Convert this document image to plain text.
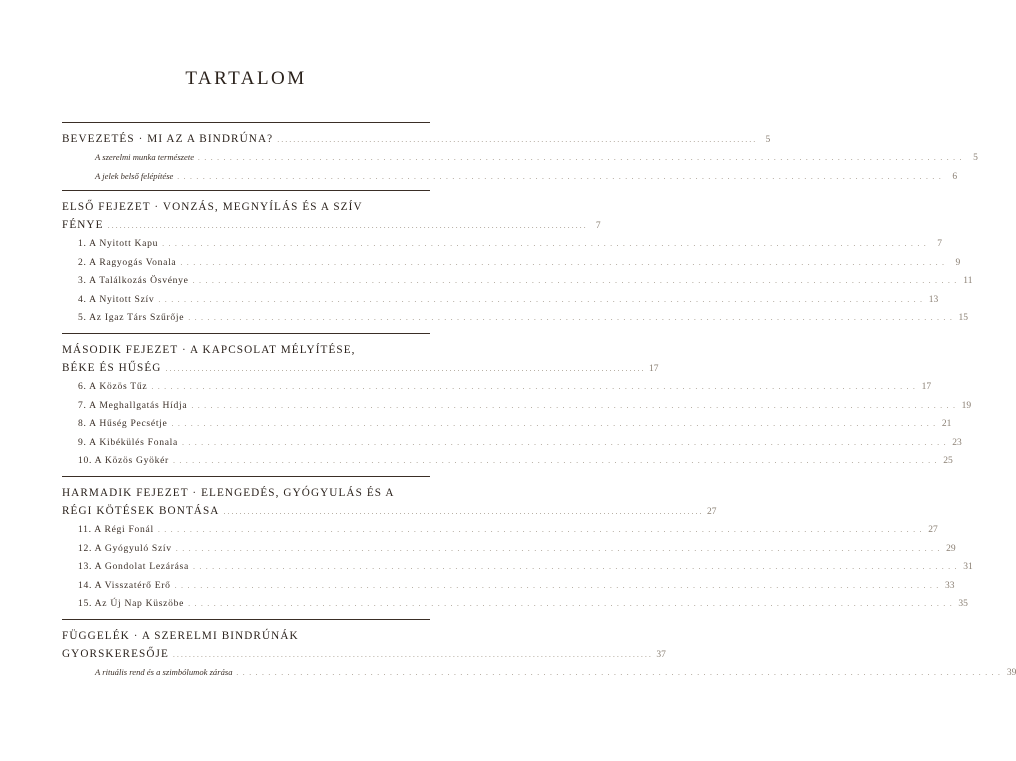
TARTALOM
BEVEZETÉS · MI AZ A BINDRÚNA? . . . . . . . . . . . . . . . . . . . . . . . . . . . . . . . . . . . . . . . . . . . . . . . . . . . . . . . . . . . . . . . . . . . . . . . . . . . . . . . . . . . . . . . . . . . . . . . . . . . . . . . . . . . . . . . . . . . . . . . .	5
A szerelmi munka természete . . . . . . . . . . . . . . . . . . . . . . . . . . . . . . . . . . . . . . . . . . . . . . . . . . . . . . . . . . . . . . . . . . . . . . . . . . . . . . . . . . . . . . . . . . . . . . . . . . . . . . . . . . . . . . . . . . . . . . . .	5
A jelek belső felépítése . . . . . . . . . . . . . . . . . . . . . . . . . . . . . . . . . . . . . . . . . . . . . . . . . . . . . . . . . . . . . . . . . . . . . . . . . . . . . . . . . . . . . . . . . . . . . . . . . . . . . . . . . . . . . . . . . . . . . . . .	6
ELSŐ FEJEZET · VONZÁS, MEGNYÍLÁS ÉS A SZÍV
FÉNYE . . . . . . . . . . . . . . . . . . . . . . . . . . . . . . . . . . . . . . . . . . . . . . . . . . . . . . . . . . . . . . . . . . . . . . . . . . . . . . . . . . . . . . . . . . . . . . . . . . . . . . . . . . . . . . . . . . . . . . . .	7
1. A Nyitott Kapu . . . . . . . . . . . . . . . . . . . . . . . . . . . . . . . . . . . . . . . . . . . . . . . . . . . . . . . . . . . . . . . . . . . . . . . . . . . . . . . . . . . . . . . . . . . . . . . . . . . . . . . . . . . . . . . . . . . . . . . .	7
2. A Ragyogás Vonala . . . . . . . . . . . . . . . . . . . . . . . . . . . . . . . . . . . . . . . . . . . . . . . . . . . . . . . . . . . . . . . . . . . . . . . . . . . . . . . . . . . . . . . . . . . . . . . . . . . . . . . . . . . . . . . . . . . . . . . .	9
3. A Találkozás Ösvénye . . . . . . . . . . . . . . . . . . . . . . . . . . . . . . . . . . . . . . . . . . . . . . . . . . . . . . . . . . . . . . . . . . . . . . . . . . . . . . . . . . . . . . . . . . . . . . . . . . . . . . . . . . . . . . . . . . . . . . . . 11
4. A Nyitott Szív . . . . . . . . . . . . . . . . . . . . . . . . . . . . . . . . . . . . . . . . . . . . . . . . . . . . . . . . . . . . . . . . . . . . . . . . . . . . . . . . . . . . . . . . . . . . . . . . . . . . . . . . . . . . . . . . . . . . . . . . 13
5. Az Igaz Társ Szűrője . . . . . . . . . . . . . . . . . . . . . . . . . . . . . . . . . . . . . . . . . . . . . . . . . . . . . . . . . . . . . . . . . . . . . . . . . . . . . . . . . . . . . . . . . . . . . . . . . . . . . . . . . . . . . . . . . . . . . . . . 15
MÁSODIK FEJEZET · A KAPCSOLAT MÉLYÍTÉSE,
BÉKE ÉS HŰSÉG . . . . . . . . . . . . . . . . . . . . . . . . . . . . . . . . . . . . . . . . . . . . . . . . . . . . . . . . . . . . . . . . . . . . . . . . . . . . . . . . . . . . . . . . . . . . . . . . . . . . . . . . . . . . . . . . . . . . . . . . 17
6. A Közös Tűz . . . . . . . . . . . . . . . . . . . . . . . . . . . . . . . . . . . . . . . . . . . . . . . . . . . . . . . . . . . . . . . . . . . . . . . . . . . . . . . . . . . . . . . . . . . . . . . . . . . . . . . . . . . . . . . . . . . . . . . . 17
7. A Meghallgatás Hídja . . . . . . . . . . . . . . . . . . . . . . . . . . . . . . . . . . . . . . . . . . . . . . . . . . . . . . . . . . . . . . . . . . . . . . . . . . . . . . . . . . . . . . . . . . . . . . . . . . . . . . . . . . . . . . . . . . . . . . . . 19
8. A Hűség Pecsétje . . . . . . . . . . . . . . . . . . . . . . . . . . . . . . . . . . . . . . . . . . . . . . . . . . . . . . . . . . . . . . . . . . . . . . . . . . . . . . . . . . . . . . . . . . . . . . . . . . . . . . . . . . . . . . . . . . . . . . . . 21
9. A Kibékülés Fonala . . . . . . . . . . . . . . . . . . . . . . . . . . . . . . . . . . . . . . . . . . . . . . . . . . . . . . . . . . . . . . . . . . . . . . . . . . . . . . . . . . . . . . . . . . . . . . . . . . . . . . . . . . . . . . . . . . . . . . . . 23
10. A Közös Gyökér . . . . . . . . . . . . . . . . . . . . . . . . . . . . . . . . . . . . . . . . . . . . . . . . . . . . . . . . . . . . . . . . . . . . . . . . . . . . . . . . . . . . . . . . . . . . . . . . . . . . . . . . . . . . . . . . . . . . . . . . 25
HARMADIK FEJEZET · ELENGEDÉS, GYÓGYULÁS ÉS A
RÉGI KÖTÉSEK BONTÁSA . . . . . . . . . . . . . . . . . . . . . . . . . . . . . . . . . . . . . . . . . . . . . . . . . . . . . . . . . . . . . . . . . . . . . . . . . . . . . . . . . . . . . . . . . . . . . . . . . . . . . . . . . . . . . . . . . . . . . . . . 27
11. A Régi Fonál . . . . . . . . . . . . . . . . . . . . . . . . . . . . . . . . . . . . . . . . . . . . . . . . . . . . . . . . . . . . . . . . . . . . . . . . . . . . . . . . . . . . . . . . . . . . . . . . . . . . . . . . . . . . . . . . . . . . . . . . 27
12. A Gyógyuló Szív . . . . . . . . . . . . . . . . . . . . . . . . . . . . . . . . . . . . . . . . . . . . . . . . . . . . . . . . . . . . . . . . . . . . . . . . . . . . . . . . . . . . . . . . . . . . . . . . . . . . . . . . . . . . . . . . . . . . . . . . 29
13. A Gondolat Lezárása . . . . . . . . . . . . . . . . . . . . . . . . . . . . . . . . . . . . . . . . . . . . . . . . . . . . . . . . . . . . . . . . . . . . . . . . . . . . . . . . . . . . . . . . . . . . . . . . . . . . . . . . . . . . . . . . . . . . . . . . 31
14. A Visszatérő Erő . . . . . . . . . . . . . . . . . . . . . . . . . . . . . . . . . . . . . . . . . . . . . . . . . . . . . . . . . . . . . . . . . . . . . . . . . . . . . . . . . . . . . . . . . . . . . . . . . . . . . . . . . . . . . . . . . . . . . . . . 33
15. Az Új Nap Küszöbe . . . . . . . . . . . . . . . . . . . . . . . . . . . . . . . . . . . . . . . . . . . . . . . . . . . . . . . . . . . . . . . . . . . . . . . . . . . . . . . . . . . . . . . . . . . . . . . . . . . . . . . . . . . . . . . . . . . . . . . . 35
FÜGGELÉK · A SZERELMI BINDRÚNÁK
GYORSKERESŐJE . . . . . . . . . . . . . . . . . . . . . . . . . . . . . . . . . . . . . . . . . . . . . . . . . . . . . . . . . . . . . . . . . . . . . . . . . . . . . . . . . . . . . . . . . . . . . . . . . . . . . . . . . . . . . . . . . . . . . . . . 37
A rituális rend és a szimbólumok zárása . . . . . . . . . . . . . . . . . . . . . . . . . . . . . . . . . . . . . . . . . . . . . . . . . . . . . . . . . . . . . . . . . . . . . . . . . . . . . . . . . . . . . . . . . . . . . . . . . . . . . . . . . . . . . . . . . . . . . . . . 39
